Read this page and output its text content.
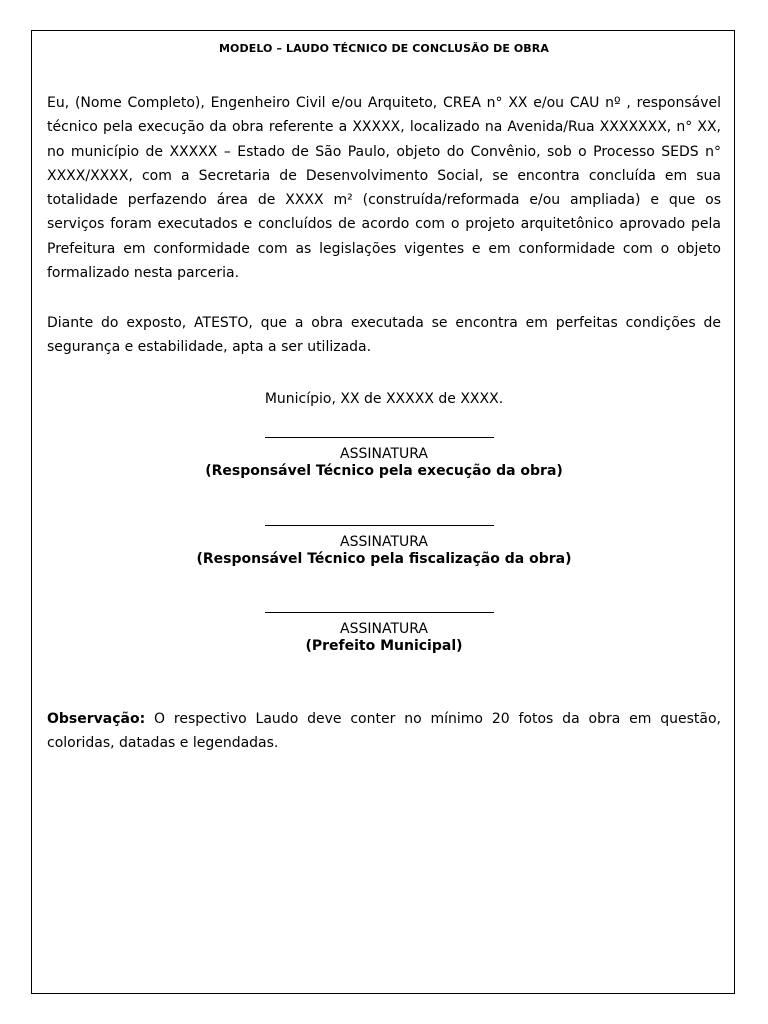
MODELO – LAUDO TÉCNICO DE CONCLUSÃO DE OBRA

Eu, (Nome Completo), Engenheiro Civil e/ou Arquiteto, CREA n° XX e/ou CAU nº , responsável técnico pela execução da obra referente a XXXXX, localizado na Avenida/Rua XXXXXXX, n° XX, no município de XXXXX – Estado de São Paulo, objeto do Convênio, sob o Processo SEDS n° XXXX/XXXX, com a Secretaria de Desenvolvimento Social, se encontra concluída em sua totalidade perfazendo área de XXXX m² (construída/reformada e/ou ampliada) e que os serviços foram executados e concluídos de acordo com o projeto arquitetônico aprovado pela Prefeitura em conformidade com as legislações vigentes e em conformidade com o objeto formalizado nesta parceria.

Diante do exposto, ATESTO, que a obra executada se encontra em perfeitas condições de segurança e estabilidade, apta a ser utilizada.

Município, XX de XXXXX de XXXX.
ASSINATURA
(Responsável Técnico pela execução da obra)
ASSINATURA
(Responsável Técnico pela fiscalização da obra)
ASSINATURA
(Prefeito Municipal)

Observação: O respectivo Laudo deve conter no mínimo 20 fotos da obra em questão, coloridas, datadas e legendadas.
